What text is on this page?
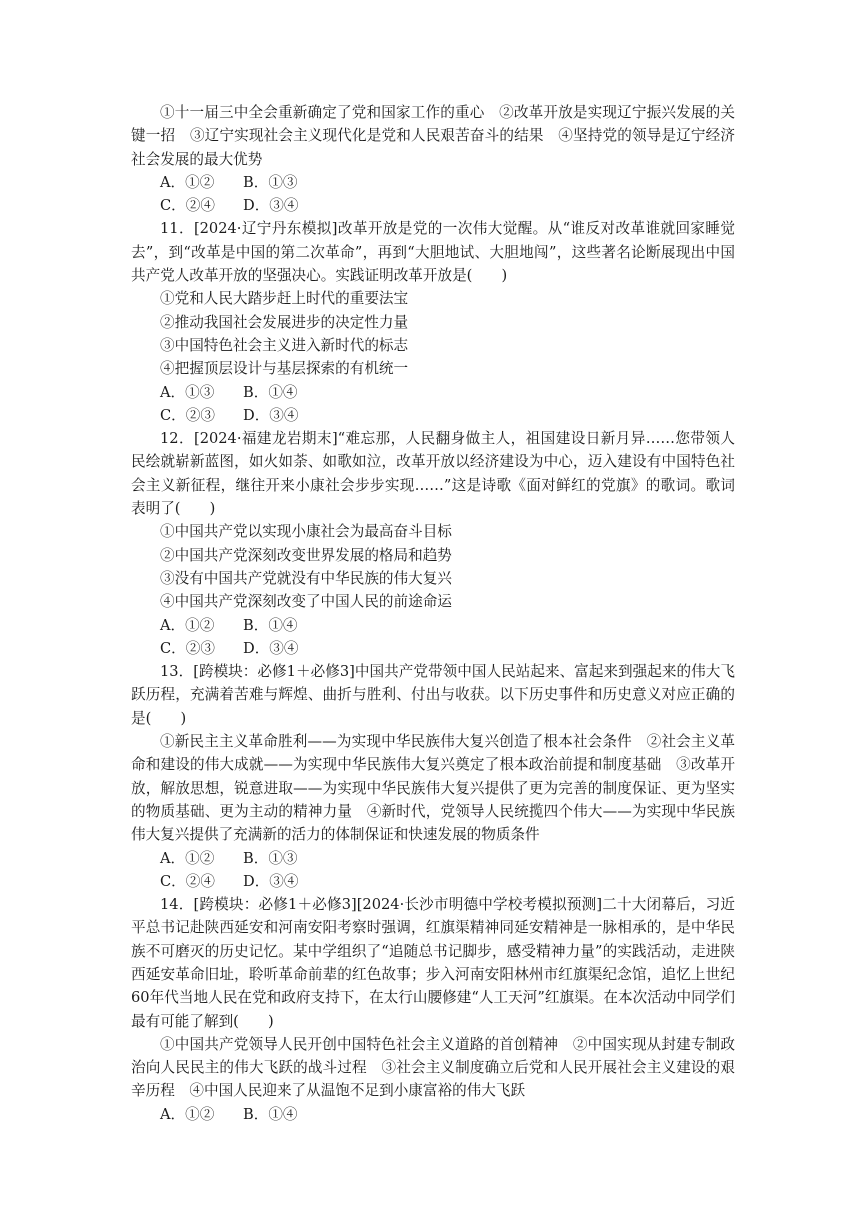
①十一届三中全会重新确定了党和国家工作的重心　②改革开放是实现辽宁振兴发展的关键一招　③辽宁实现社会主义现代化是党和人民艰苦奋斗的结果　④坚持党的领导是辽宁经济社会发展的最大优势

A．①② B．①③
C．②④ D．③④

11．[2024·辽宁丹东模拟]改革开放是党的一次伟大觉醒。从“谁反对改革谁就回家睡觉去”，到“改革是中国的第二次革命”，再到“大胆地试、大胆地闯”，这些著名论断展现出中国共产党人改革开放的坚强决心。实践证明改革开放是(　　)

①党和人民大踏步赶上时代的重要法宝
②推动我国社会发展进步的决定性力量
③中国特色社会主义进入新时代的标志
④把握顶层设计与基层探索的有机统一
A．①③ B．①④
C．②③ D．③④

12．[2024·福建龙岩期末]“难忘那，人民翻身做主人，祖国建设日新月异……您带领人民绘就崭新蓝图，如火如荼、如歌如泣，改革开放以经济建设为中心，迈入建设有中国特色社会主义新征程，继往开来小康社会步步实现……”这是诗歌《面对鲜红的党旗》的歌词。歌词表明了(　　)

①中国共产党以实现小康社会为最高奋斗目标
②中国共产党深刻改变世界发展的格局和趋势
③没有中国共产党就没有中华民族的伟大复兴
④中国共产党深刻改变了中国人民的前途命运
A．①② B．①④
C．②③ D．③④

13．[跨模块：必修1＋必修3]中国共产党带领中国人民站起来、富起来到强起来的伟大飞跃历程，充满着苦难与辉煌、曲折与胜利、付出与收获。以下历史事件和历史意义对应正确的是(　　)

①新民主主义革命胜利——为实现中华民族伟大复兴创造了根本社会条件　②社会主义革命和建设的伟大成就——为实现中华民族伟大复兴奠定了根本政治前提和制度基础　③改革开放，解放思想，锐意进取——为实现中华民族伟大复兴提供了更为完善的制度保证、更为坚实的物质基础、更为主动的精神力量　④新时代，党领导人民统揽四个伟大——为实现中华民族伟大复兴提供了充满新的活力的体制保证和快速发展的物质条件

A．①② B．①③
C．②④ D．③④

14．[跨模块：必修1＋必修3][2024·长沙市明德中学校考模拟预测]二十大闭幕后，习近平总书记赴陕西延安和河南安阳考察时强调，红旗渠精神同延安精神是一脉相承的，是中华民族不可磨灭的历史记忆。某中学组织了“追随总书记脚步，感受精神力量”的实践活动，走进陕西延安革命旧址，聆听革命前辈的红色故事；步入河南安阳林州市红旗渠纪念馆，追忆上世纪60年代当地人民在党和政府支持下，在太行山腰修建“人工天河”红旗渠。在本次活动中同学们最有可能了解到(　　)

①中国共产党领导人民开创中国特色社会主义道路的首创精神　②中国实现从封建专制政治向人民民主的伟大飞跃的战斗过程　③社会主义制度确立后党和人民开展社会主义建设的艰辛历程　④中国人民迎来了从温饱不足到小康富裕的伟大飞跃

A．①② B．①④
